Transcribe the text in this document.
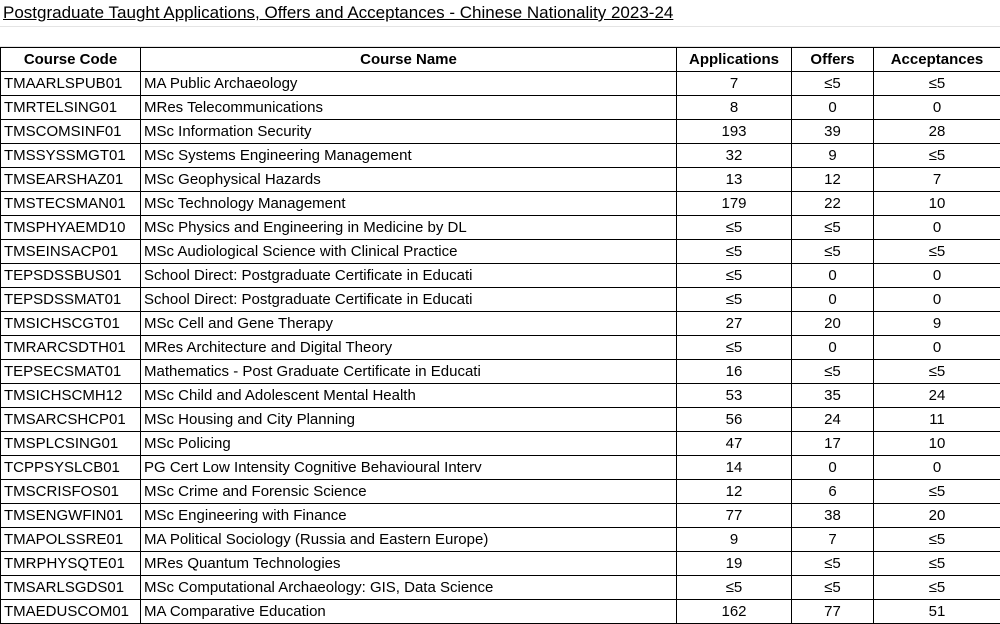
Postgraduate Taught Applications, Offers and Acceptances - Chinese Nationality 2023-24
Course Code	Course Name	Applications	Offers	Acceptances
TMAARLSPUB01	MA Public Archaeology	7	≤5	≤5
TMRTELSING01	MRes Telecommunications	8	0	0
TMSCOMSINF01	MSc Information Security	193	39	28
TMSSYSSMGT01	MSc Systems Engineering Management	32	9	≤5
TMSEARSHAZ01	MSc Geophysical Hazards	13	12	7
TMSTECSMAN01	MSc Technology Management	179	22	10
TMSPHYAEMD10	MSc Physics and Engineering in Medicine by DL	≤5	≤5	0
TMSEINSACP01	MSc Audiological Science with Clinical Practice	≤5	≤5	≤5
TEPSDSSBUS01	School Direct: Postgraduate Certificate in Educati	≤5	0	0
TEPSDSSMAT01	School Direct: Postgraduate Certificate in Educati	≤5	0	0
TMSICHSCGT01	MSc Cell and Gene Therapy	27	20	9
TMRARCSDTH01	MRes Architecture and Digital Theory	≤5	0	0
TEPSECSMAT01	Mathematics - Post Graduate Certificate in Educati	16	≤5	≤5
TMSICHSCMH12	MSc Child and Adolescent Mental Health	53	35	24
TMSARCSHCP01	MSc Housing and City Planning	56	24	11
TMSPLCSING01	MSc Policing	47	17	10
TCPPSYSLCB01	PG Cert Low Intensity Cognitive Behavioural Interv	14	0	0
TMSCRISFOS01	MSc Crime and Forensic Science	12	6	≤5
TMSENGWFIN01	MSc Engineering with Finance	77	38	20
TMAPOLSSRE01	MA Political Sociology (Russia and Eastern Europe)	9	7	≤5
TMRPHYSQTE01	MRes Quantum Technologies	19	≤5	≤5
TMSARLSGDS01	MSc Computational Archaeology: GIS, Data Science	≤5	≤5	≤5
TMAEDUSCOM01	MA Comparative Education	162	77	51
